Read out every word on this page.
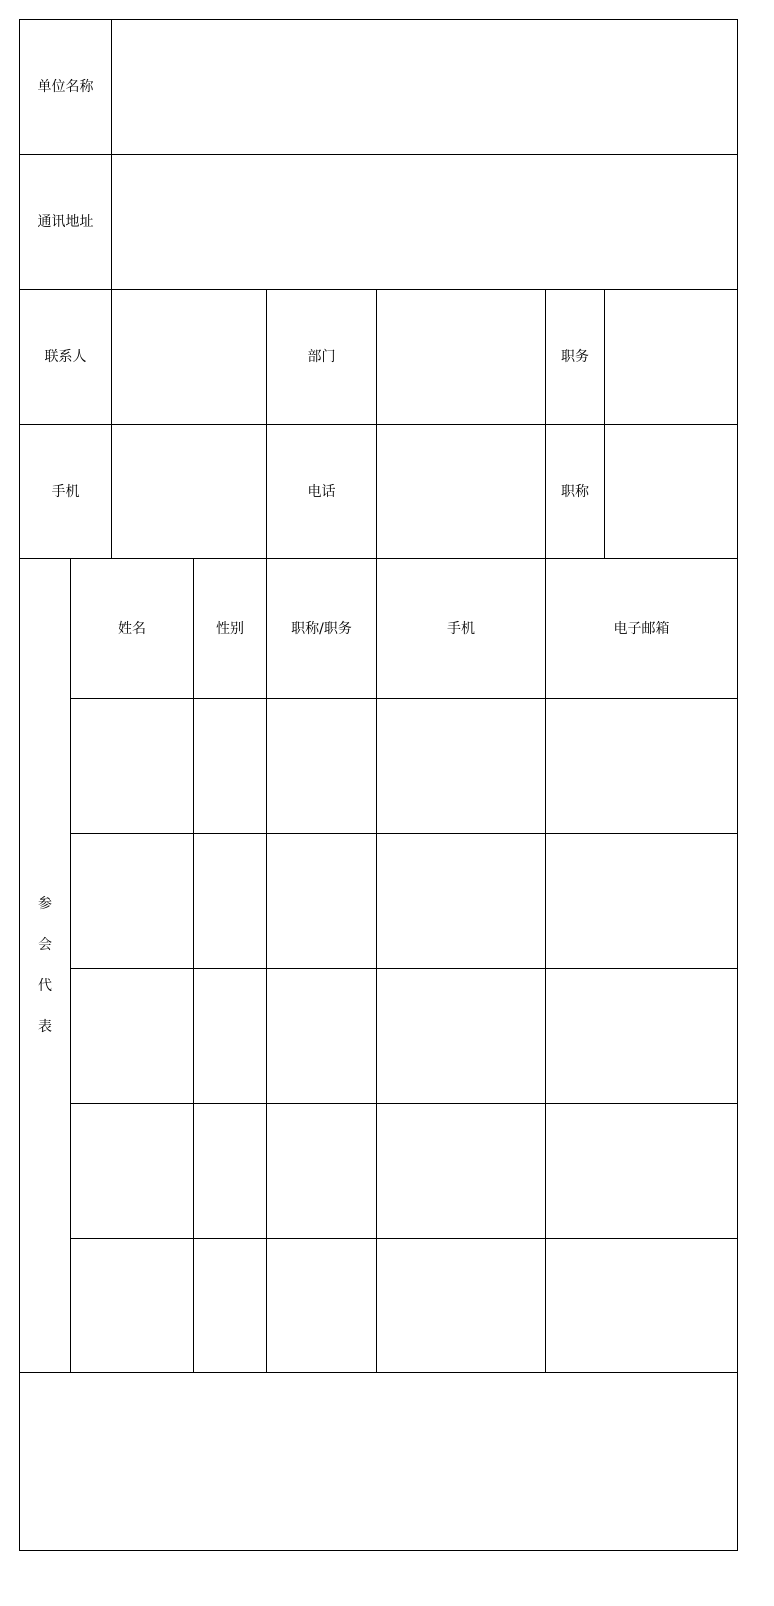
单位名称
通讯地址
联系人	部门	职务
手机	电话	职称
参
会
代
表
姓名	性别	职称/职务	手机	电子邮箱
